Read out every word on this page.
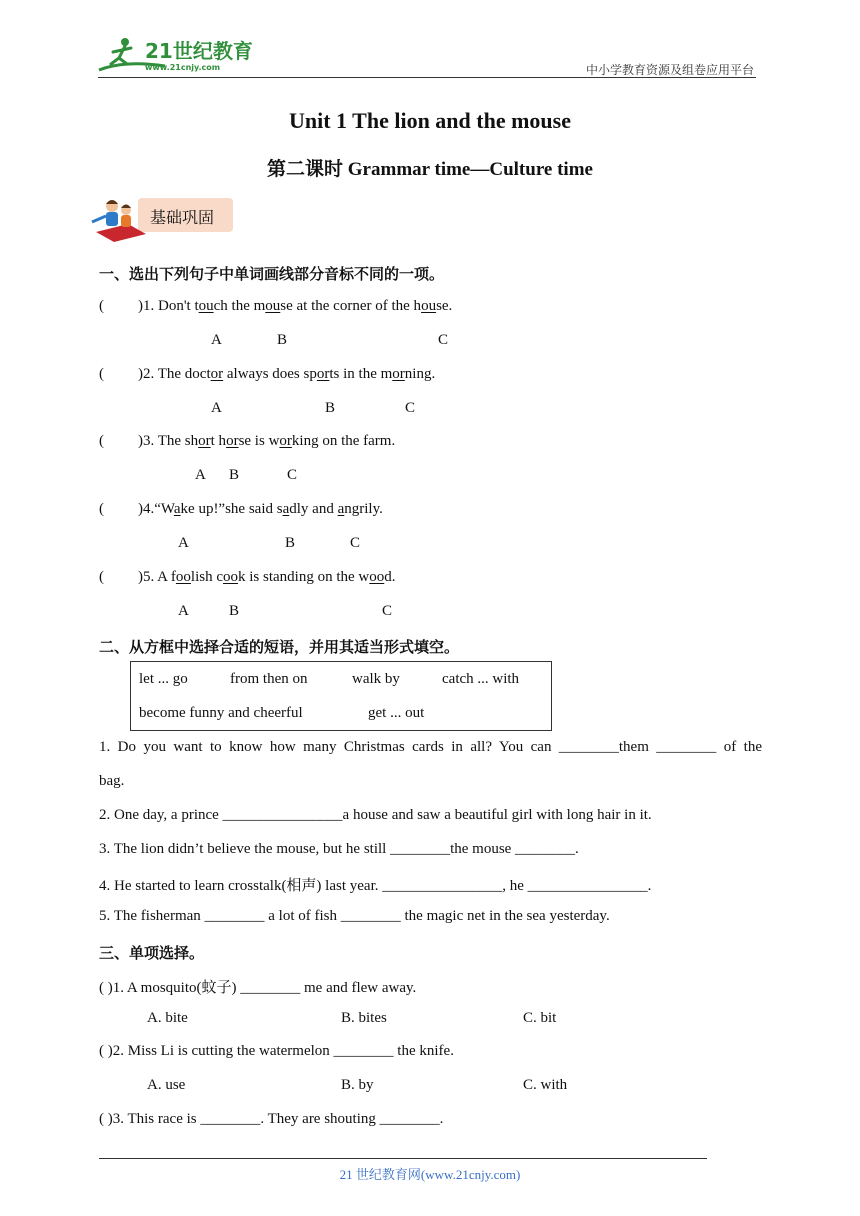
21世纪教育
www.21cnjy.com	中小学教育资源及组卷应用平台
Unit 1 The lion and the mouse
第二课时 Grammar time—Culture time
基础巩固
一、选出下列句子中单词画线部分音标不同的一项。
( )1. Don't touch the mouse at the corner of the house.
A	B	C
( )2. The doctor always does sports in the morning.
A	B	C
( )3. The short horse is working on the farm.
A B	C
( )4.“Wake up!”she said sadly and angrily.
A	B	C
( )5. A foolish cook is standing on the wood.
A	B	C
二、从方框中选择合适的短语，并用其适当形式填空。
let ... go	from then on	walk by	catch ... with
become funny and cheerful	get ... out
1. Do you want to know how many Christmas cards in all? You can ________them ________ of the
bag.
2. One day, a prince ________________a house and saw a beautiful girl with long hair in it.
3. The lion didn’t believe the mouse, but he still ________the mouse ________.
4. He started to learn crosstalk(相声) last year. ________________, he ________________.
5. The fisherman ________ a lot of fish ________ the magic net in the sea yesterday.
三、单项选择。
( )1. A mosquito(蚊子) ________ me and flew away.
A. bite	B. bites	C. bit
( )2. Miss Li is cutting the watermelon ________ the knife.
A. use	B. by	C. with
( )3. This race is ________. They are shouting ________.
21 世纪教育网(www.21cnjy.com)
